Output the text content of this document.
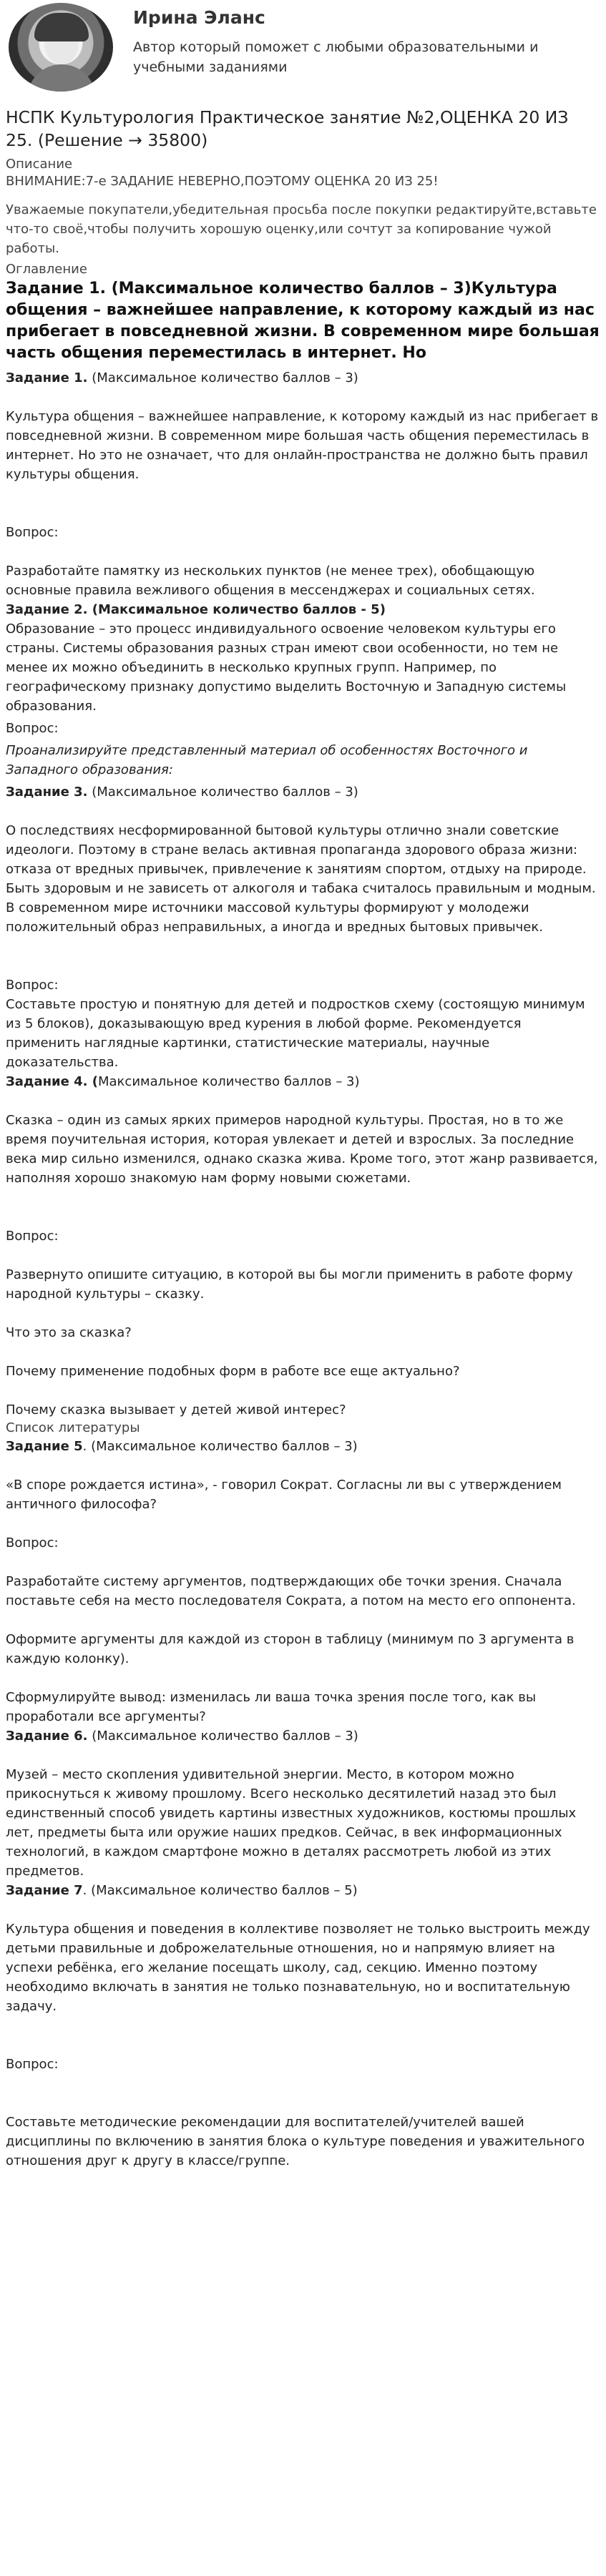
Ирина Эланс
Автор который поможет с любыми образовательными и учебными заданиями
НСПК Культурология Практическое занятие №2,ОЦЕНКА 20 ИЗ 25. (Решение → 35800)

Описание

ВНИМАНИЕ:7-е ЗАДАНИЕ НЕВЕРНО,ПОЭТОМУ ОЦЕНКА 20 ИЗ 25!

Уважаемые покупатели,убедительная просьба после покупки редактируйте,вставьте что-то своё,чтобы получить хорошую оценку,или сочтут за копирование чужой работы.

Оглавление

Задание 1. (Максимальное количество баллов – 3)Культура общения – важнейшее направление, к которому каждый из нас прибегает в повседневной жизни. В современном мире большая часть общения переместилась в интернет. Но

Задание 1. (Максимальное количество баллов – 3)

Культура общения – важнейшее направление, к которому каждый из нас прибегает в повседневной жизни. В современном мире большая часть общения переместилась в интернет. Но это не означает, что для онлайн-пространства не должно быть правил культуры общения.

Вопрос:

Разработайте памятку из нескольких пунктов (не менее трех), обобщающую основные правила вежливого общения в мессенджерах и социальных сетях.

Задание 2. (Максимальное количество баллов - 5)

Образование – это процесс индивидуального освоение человеком культуры его страны. Системы образования разных стран имеют свои особенности, но тем не менее их можно объединить в несколько крупных групп. Например, по географическому признаку допустимо выделить Восточную и Западную системы образования.

Вопрос:

Проанализируйте представленный материал об особенностях Восточного и Западного образования:

Задание 3. (Максимальное количество баллов – 3)

О последствиях несформированной бытовой культуры отлично знали советские идеологи. Поэтому в стране велась активная пропаганда здорового образа жизни: отказа от вредных привычек, привлечение к занятиям спортом, отдыху на природе. Быть здоровым и не зависеть от алкоголя и табака считалось правильным и модным. В современном мире источники массовой культуры формируют у молодежи положительный образ неправильных, а иногда и вредных бытовых привычек.

Вопрос:

Составьте простую и понятную для детей и подростков схему (состоящую минимум из 5 блоков), доказывающую вред курения в любой форме. Рекомендуется применить наглядные картинки, статистические материалы, научные доказательства.

Задание 4. (Максимальное количество баллов – 3)

Сказка – один из самых ярких примеров народной культуры. Простая, но в то же время поучительная история, которая увлекает и детей и взрослых. За последние века мир сильно изменился, однако сказка жива. Кроме того, этот жанр развивается, наполняя хорошо знакомую нам форму новыми сюжетами.

Вопрос:

Развернуто опишите ситуацию, в которой вы бы могли применить в работе форму народной культуры – сказку.

Что это за сказка?

Почему применение подобных форм в работе все еще актуально?

Почему сказка вызывает у детей живой интерес?

Список литературы

Задание 5. (Максимальное количество баллов – 3)

«В споре рождается истина», - говорил Сократ. Согласны ли вы с утверждением античного философа?

Вопрос:

Разработайте систему аргументов, подтверждающих обе точки зрения. Сначала поставьте себя на место последователя Сократа, а потом на место его оппонента.

Оформите аргументы для каждой из сторон в таблицу (минимум по 3 аргумента в каждую колонку).

Сформулируйте вывод: изменилась ли ваша точка зрения после того, как вы проработали все аргументы?

Задание 6. (Максимальное количество баллов – 3)

Музей – место скопления удивительной энергии. Место, в котором можно прикоснуться к живому прошлому. Всего несколько десятилетий назад это был единственный способ увидеть картины известных художников, костюмы прошлых лет, предметы быта или оружие наших предков. Сейчас, в век информационных технологий, в каждом смартфоне можно в деталях рассмотреть любой из этих предметов.

Задание 7. (Максимальное количество баллов – 5)

Культура общения и поведения в коллективе позволяет не только выстроить между детьми правильные и доброжелательные отношения, но и напрямую влияет на успехи ребёнка, его желание посещать школу, сад, секцию. Именно поэтому необходимо включать в занятия не только познавательную, но и воспитательную задачу.

Вопрос:

Составьте методические рекомендации для воспитателей/учителей вашей дисциплины по включению в занятия блока о культуре поведения и уважительного отношения друг к другу в классе/группе.
